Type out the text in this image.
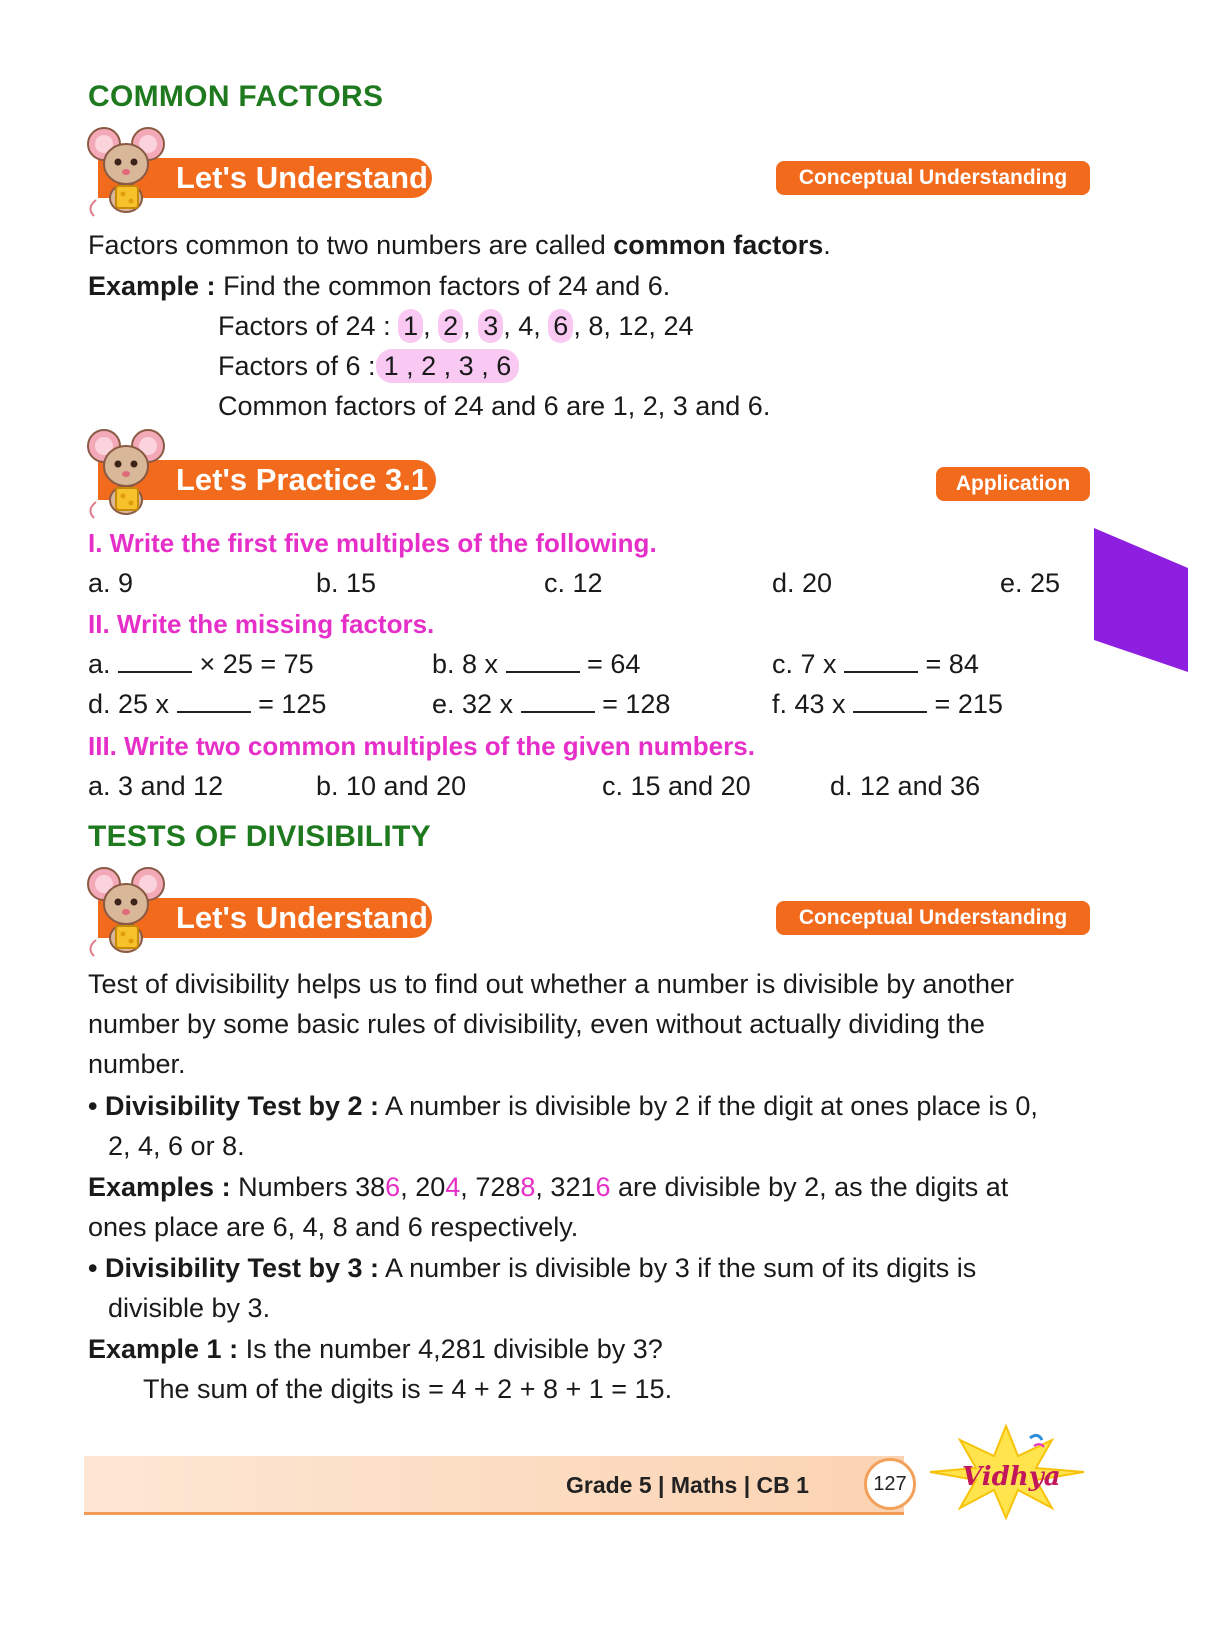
COMMON FACTORS
Let's Understand	Conceptual Understanding
Factors common to two numbers are called common factors.
Example : Find the common factors of 24 and 6.
Factors of 24 : 1 , 2 , 3 , 4, 6 , 8, 12, 24
Factors of 6 : 1 , 2 , 3 , 6
Common factors of 24 and 6 are 1, 2, 3 and 6.
Let's Practice 3.1	Application
I. Write the first five multiples of the following.
a. 9	b. 15	c. 12	d. 20	e. 25
II. Write the missing factors.
a.	× 25 = 75	b. 8 x	= 64	c. 7 x	= 84
d. 25 x	= 125	e. 32 x	= 128	f. 43 x	= 215
III. Write two common multiples of the given numbers.
a. 3 and 12	b. 10 and 20	c. 15 and 20	d. 12 and 36
TESTS OF DIVISIBILITY
Let's Understand	Conceptual Understanding
Test of divisibility helps us to find out whether a number is divisible by another
number by some basic rules of divisibility, even without actually dividing the
number.
• Divisibility Test by 2 : A number is divisible by 2 if the digit at ones place is 0,
2, 4, 6 or 8.
Examples : Numbers 386, 204, 7288, 3216 are divisible by 2, as the digits at
ones place are 6, 4, 8 and 6 respectively.
• Divisibility Test by 3 : A number is divisible by 3 if the sum of its digits is
divisible by 3.
Example 1 : Is the number 4,281 divisible by 3?
The sum of the digits is = 4 + 2 + 8 + 1 = 15.
Grade 5 | Maths | CB 1	127	Vidhya
